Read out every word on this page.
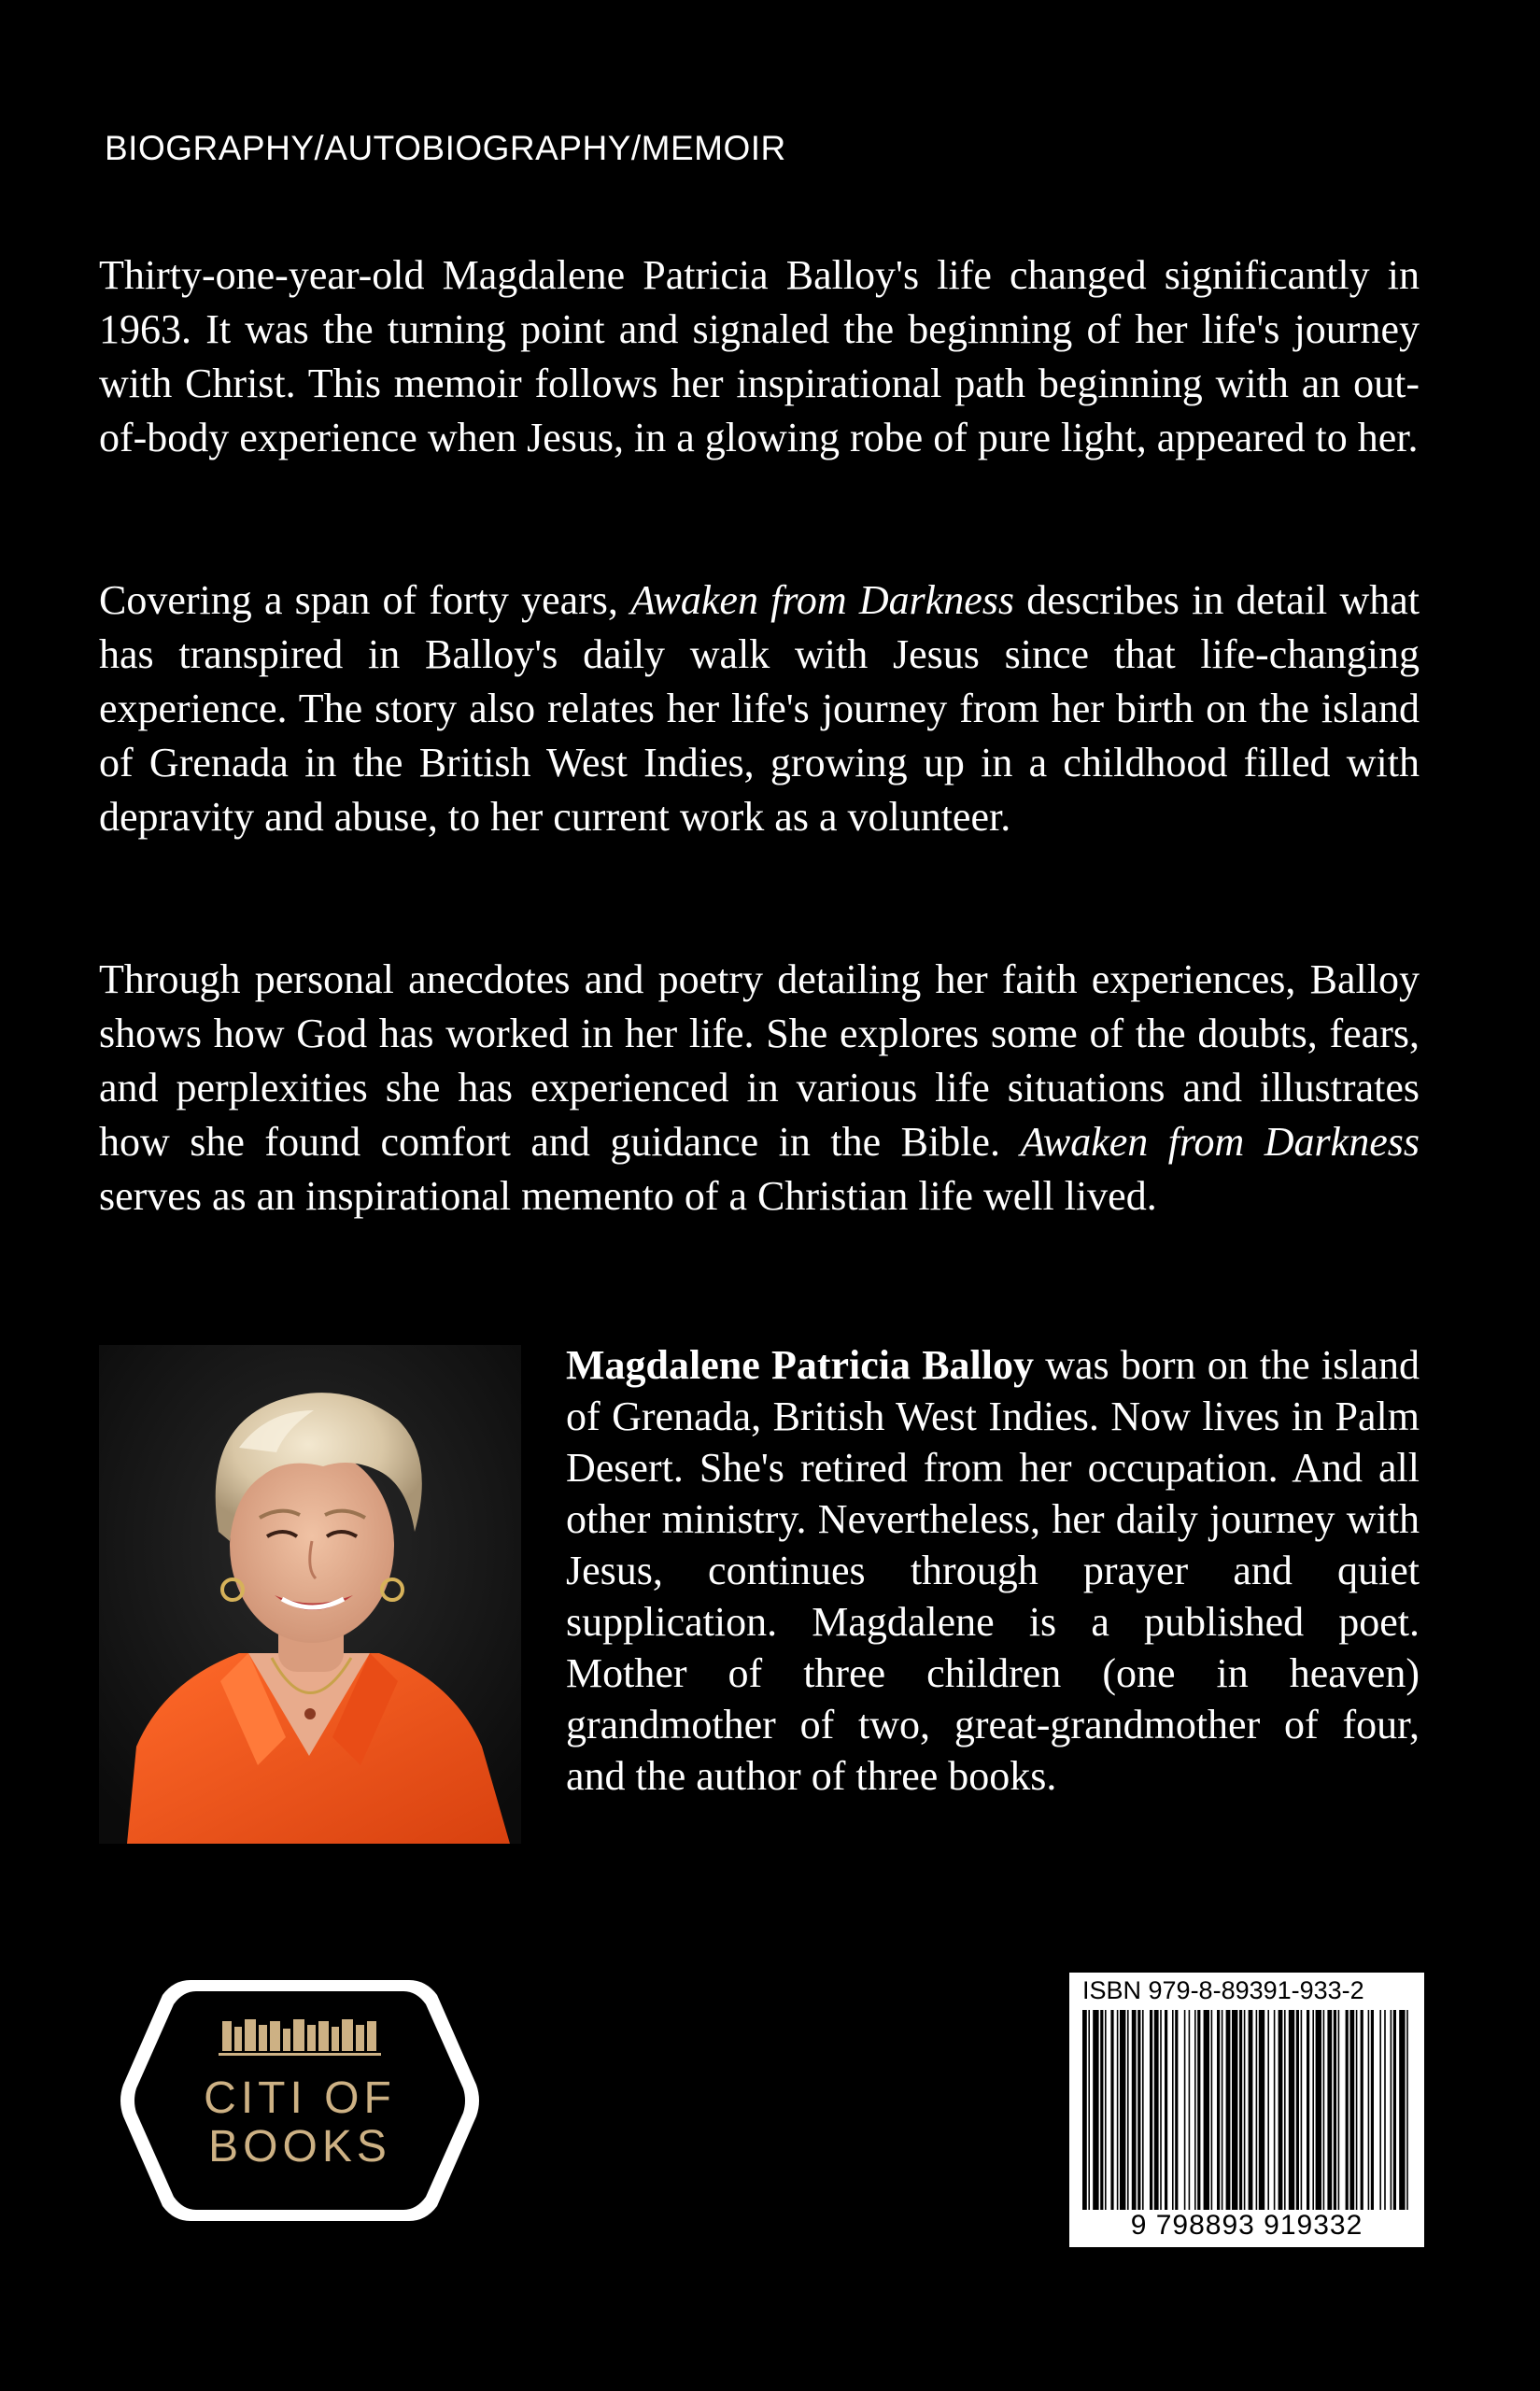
BIOGRAPHY/AUTOBIOGRAPHY/MEMOIR

Thirty-one-year-old Magdalene Patricia Balloy's life changed significantly in 1963. It was the turning point and signaled the beginning of her life's journey with Christ. This memoir follows her inspirational path beginning with an out-of-body experience when Jesus, in a glowing robe of pure light, appeared to her.

Covering a span of forty years, Awaken from Darkness describes in detail what has transpired in Balloy's daily walk with Jesus since that life-changing experience. The story also relates her life's journey from her birth on the island of Grenada in the British West Indies, growing up in a childhood filled with depravity and abuse, to her current work as a volunteer.

Through personal anecdotes and poetry detailing her faith experiences, Balloy shows how God has worked in her life. She explores some of the doubts, fears, and perplexities she has experienced in various life situations and illustrates how she found comfort and guidance in the Bible. Awaken from Darkness serves as an inspirational memento of a Christian life well lived.

Magdalene Patricia Balloy was born on the island of Grenada, British West Indies. Now lives in Palm Desert. She's retired from her occupation. And all other ministry. Nevertheless, her daily journey with Jesus, continues through prayer and quiet supplication. Magdalene is a published poet. Mother of three children (one in heaven) grandmother of two, great-grandmother of four, and the author of three books.

CITI OF
BOOKS
ISBN 979-8-89391-933-2
9 798893 919332
